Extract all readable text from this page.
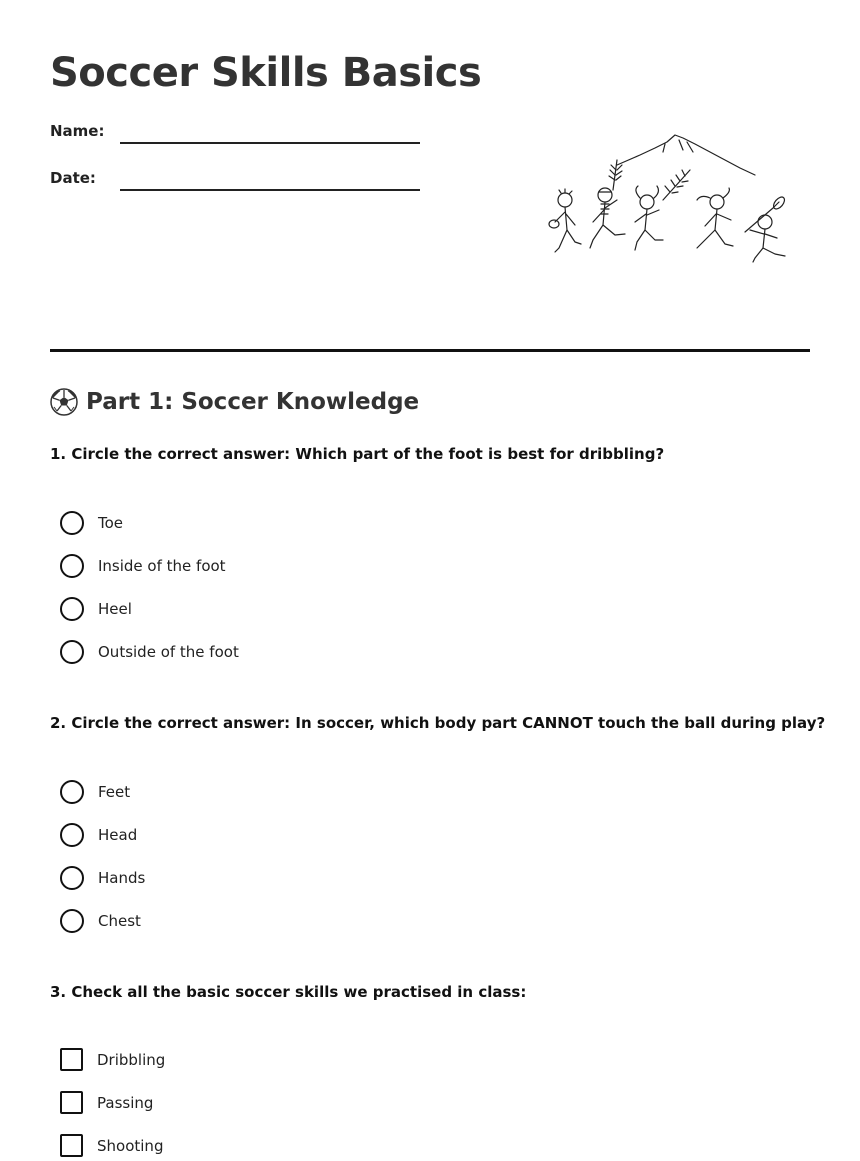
Soccer Skills Basics
Name:
Date:
Part 1: Soccer Knowledge
1. Circle the correct answer: Which part of the foot is best for dribbling?
Toe
Inside of the foot
Heel
Outside of the foot
2. Circle the correct answer: In soccer, which body part CANNOT touch the ball during play?
Feet
Head
Hands
Chest
3. Check all the basic soccer skills we practised in class:
Dribbling
Passing
Shooting
